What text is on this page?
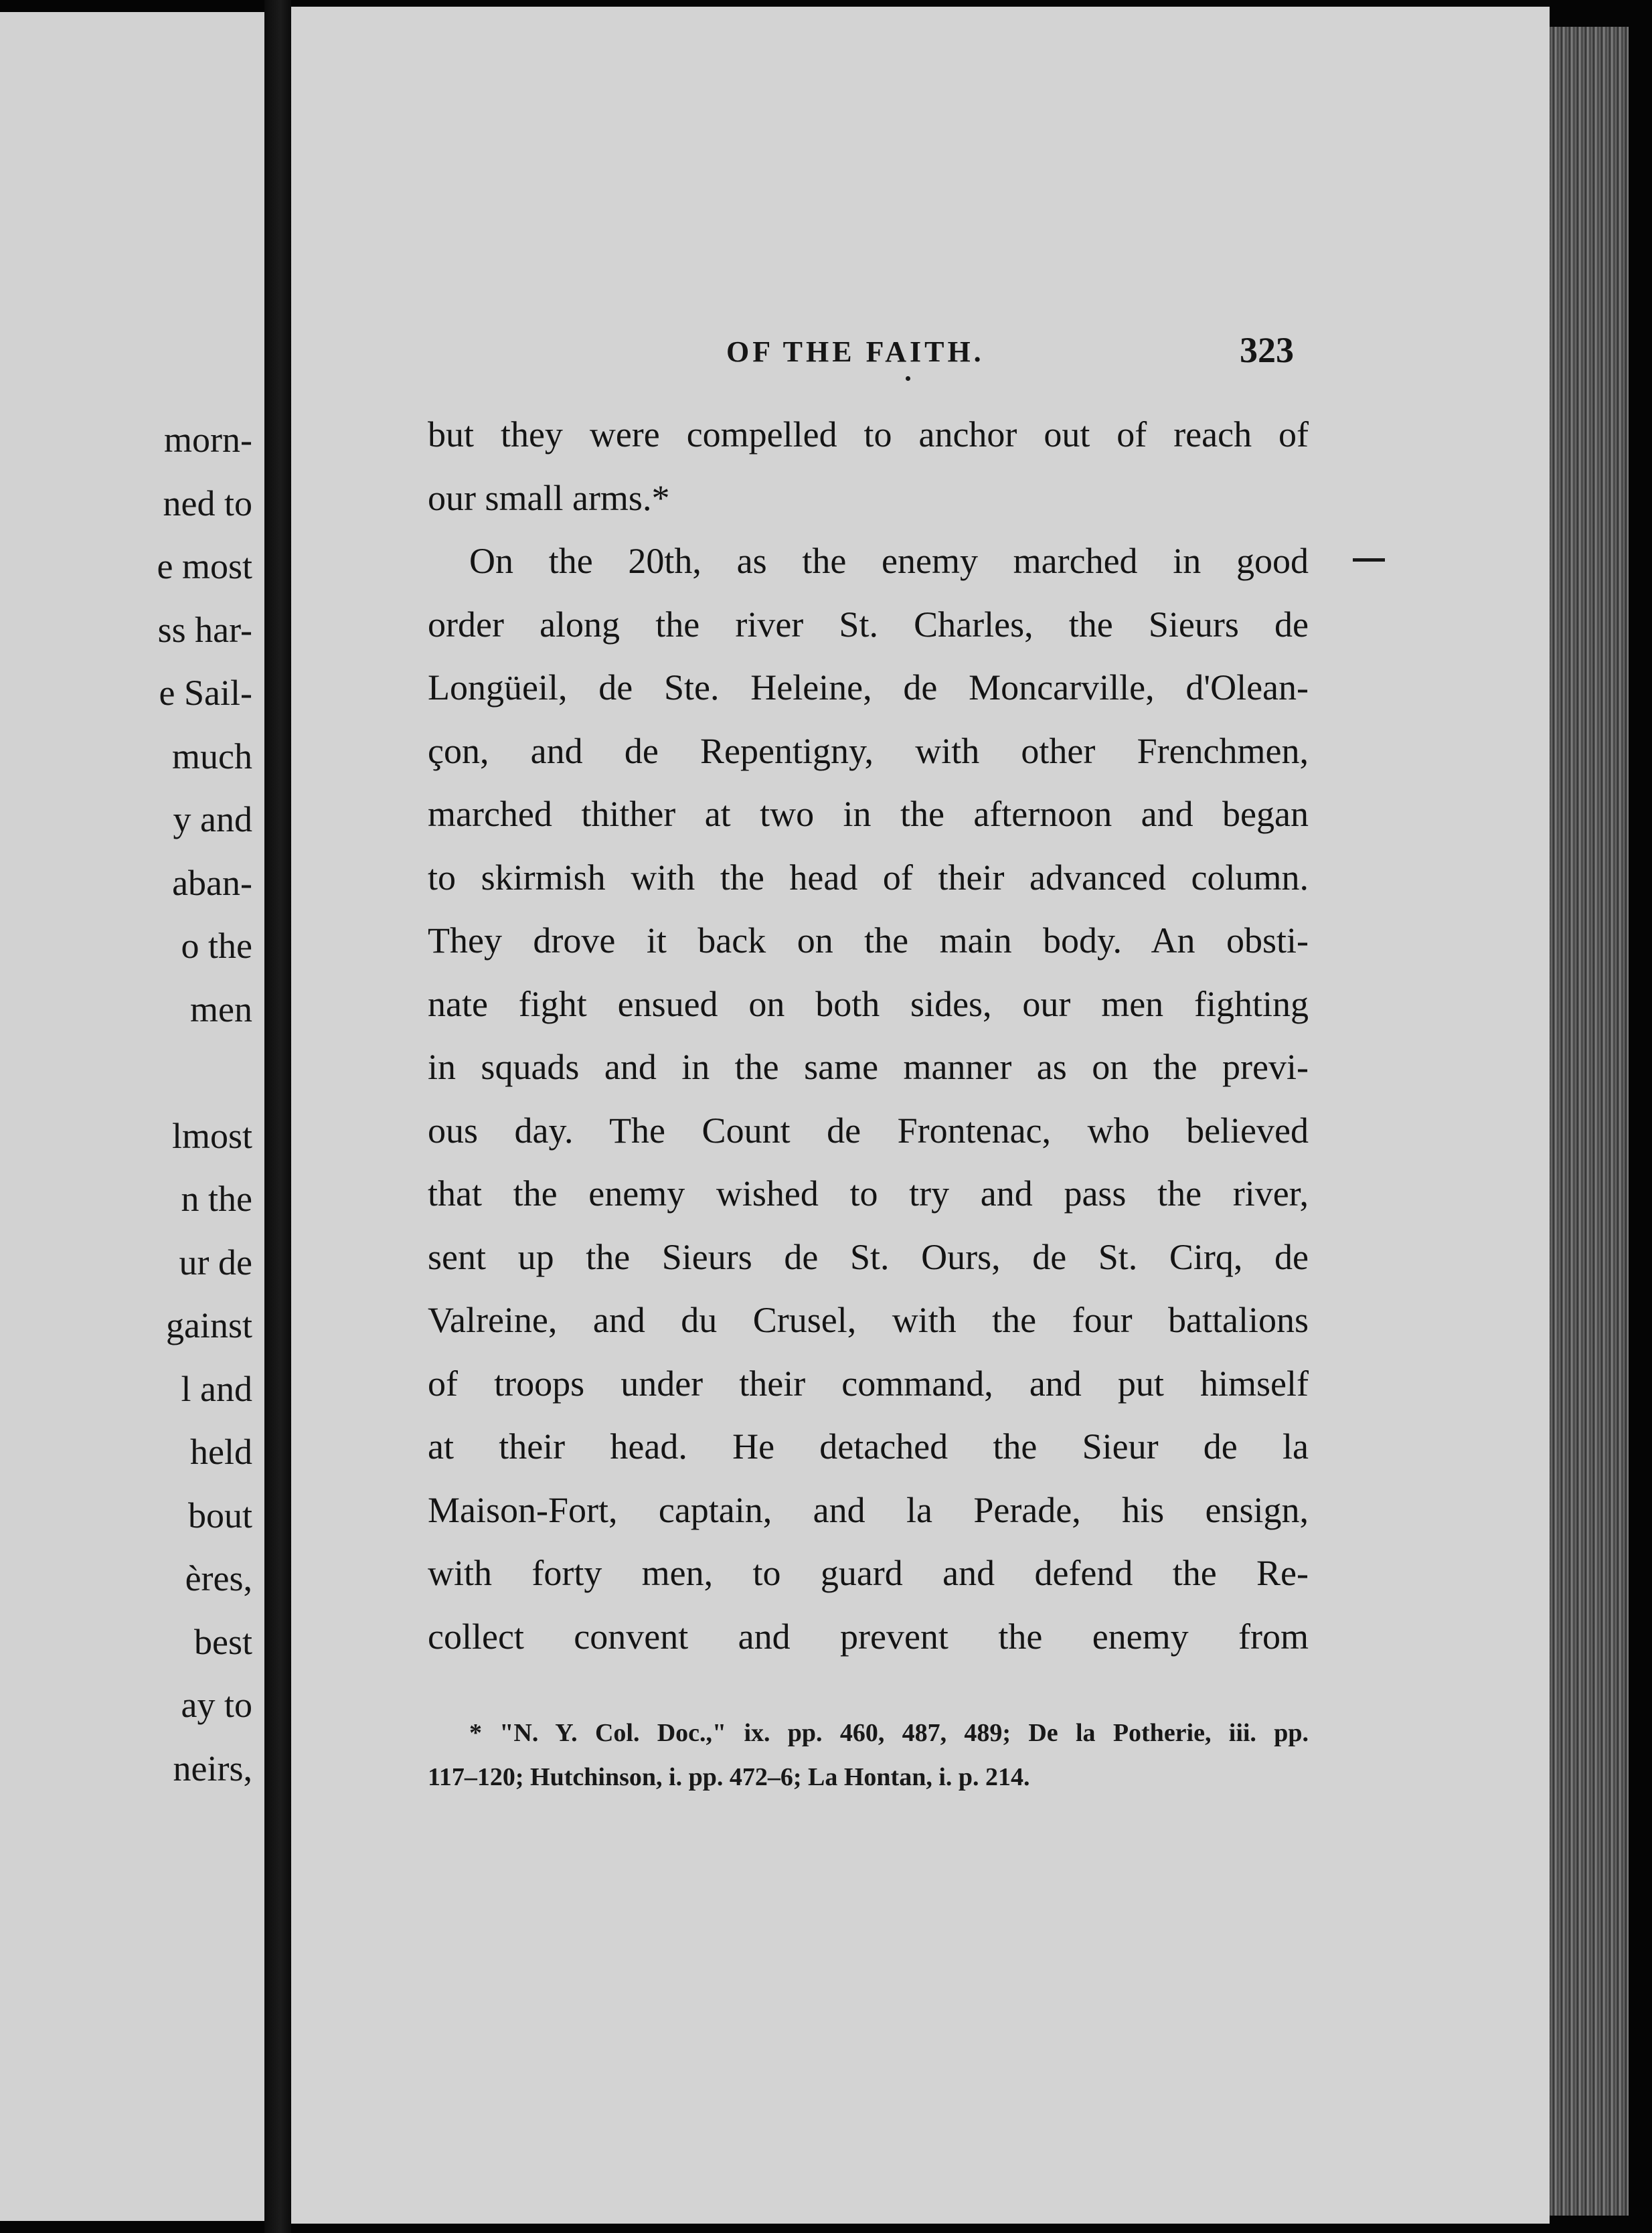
morn-
ned to
e most
ss har-
e Sail-
much
y and
aban-
o the
men
lmost
n the
ur de
gainst
l and
held
bout
ères,
best
ay to
neirs,
OF THE FAITH.	323
but they were compelled to anchor out of reach of
our small arms.*
On the 20th, as the enemy marched in good
order along the river St. Charles, the Sieurs de
Longüeil, de Ste. Heleine, de Moncarville, d'Olean-
çon, and de Repentigny, with other Frenchmen,
marched thither at two in the afternoon and began
to skirmish with the head of their advanced column.
They drove it back on the main body. An obsti-
nate fight ensued on both sides, our men fighting
in squads and in the same manner as on the previ-
ous day. The Count de Frontenac, who believed
that the enemy wished to try and pass the river,
sent up the Sieurs de St. Ours, de St. Cirq, de
Valreine, and du Crusel, with the four battalions
of troops under their command, and put himself
at their head. He detached the Sieur de la
Maison-Fort, captain, and la Perade, his ensign,
with forty men, to guard and defend the Re-
collect convent and prevent the enemy from
* "N. Y. Col. Doc.," ix. pp. 460, 487, 489; De la Potherie, iii. pp.
117–120; Hutchinson, i. pp. 472–6; La Hontan, i. p. 214.
